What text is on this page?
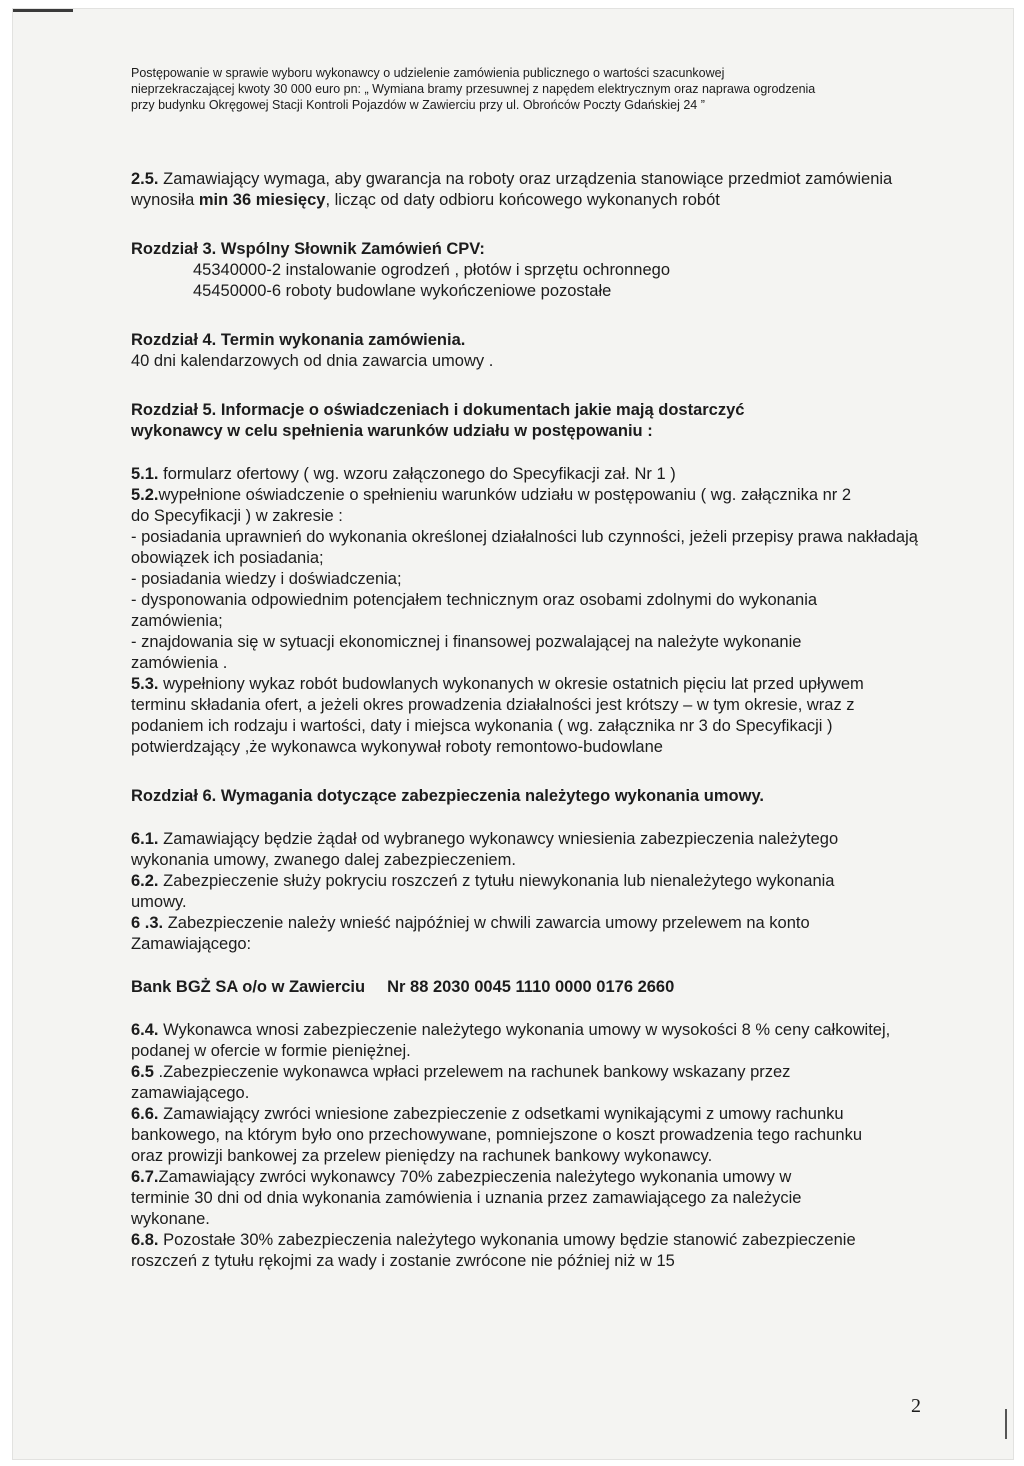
Postępowanie w sprawie wyboru wykonawcy o udzielenie zamówienia publicznego o wartości szacunkowej
nieprzekraczającej kwoty 30 000 euro pn: „ Wymiana bramy przesuwnej z napędem elektrycznym oraz naprawa ogrodzenia
przy budynku Okręgowej Stacji Kontroli Pojazdów w Zawierciu przy ul. Obrońców Poczty Gdańskiej 24 ”

2.5. Zamawiający wymaga, aby gwarancja na roboty oraz urządzenia stanowiące przedmiot zamówienia wynosiła min 36 miesięcy, licząc od daty odbioru końcowego wykonanych robót

Rozdział 3. Wspólny Słownik Zamówień CPV:
45340000-2 instalowanie ogrodzeń , płotów i sprzętu ochronnego
45450000-6 roboty budowlane wykończeniowe pozostałe
Rozdział 4. Termin wykonania zamówienia.
40 dni kalendarzowych od dnia zawarcia umowy .
Rozdział 5. Informacje o oświadczeniach i dokumentach jakie mają dostarczyć
wykonawcy w celu spełnienia warunków udziału w postępowaniu :

5.1. formularz ofertowy ( wg. wzoru załączonego do Specyfikacji zał. Nr 1 )

5.2.wypełnione oświadczenie o spełnieniu warunków udziału w postępowaniu ( wg. załącznika nr 2 do Specyfikacji ) w zakresie :

- posiadania uprawnień do wykonania określonej działalności lub czynności, jeżeli przepisy prawa nakładają obowiązek ich posiadania;

- posiadania wiedzy i doświadczenia;

- dysponowania odpowiednim potencjałem technicznym oraz osobami zdolnymi do wykonania zamówienia;

- znajdowania się w sytuacji ekonomicznej i finansowej pozwalającej na należyte wykonanie zamówienia .

5.3. wypełniony wykaz robót budowlanych wykonanych w okresie ostatnich pięciu lat przed upływem terminu składania ofert, a jeżeli okres prowadzenia działalności jest krótszy – w tym okresie, wraz z podaniem ich rodzaju i wartości, daty i miejsca wykonania ( wg. załącznika nr 3 do Specyfikacji ) potwierdzający ,że wykonawca wykonywał roboty remontowo-budowlane

Rozdział 6. Wymagania dotyczące zabezpieczenia należytego wykonania umowy.

6.1. Zamawiający będzie żądał od wybranego wykonawcy wniesienia zabezpieczenia należytego wykonania umowy, zwanego dalej zabezpieczeniem.

6.2. Zabezpieczenie służy pokryciu roszczeń z tytułu niewykonania lub nienależytego wykonania umowy.

6 .3. Zabezpieczenie należy wnieść najpóźniej w chwili zawarcia umowy przelewem na konto Zamawiającego:

Bank BGŻ SA o/o w Zawierciu Nr 88 2030 0045 1110 0000 0176 2660

6.4. Wykonawca wnosi zabezpieczenie należytego wykonania umowy w wysokości 8 % ceny całkowitej, podanej w ofercie w formie pieniężnej.

6.5 .Zabezpieczenie wykonawca wpłaci przelewem na rachunek bankowy wskazany przez zamawiającego.

6.6. Zamawiający zwróci wniesione zabezpieczenie z odsetkami wynikającymi z umowy rachunku bankowego, na którym było ono przechowywane, pomniejszone o koszt prowadzenia tego rachunku oraz prowizji bankowej za przelew pieniędzy na rachunek bankowy wykonawcy.

6.7.Zamawiający zwróci wykonawcy 70% zabezpieczenia należytego wykonania umowy w terminie 30 dni od dnia wykonania zamówienia i uznania przez zamawiającego za należycie wykonane.

6.8. Pozostałe 30% zabezpieczenia należytego wykonania umowy będzie stanowić zabezpieczenie roszczeń z tytułu rękojmi za wady i zostanie zwrócone nie później niż w 15

2
